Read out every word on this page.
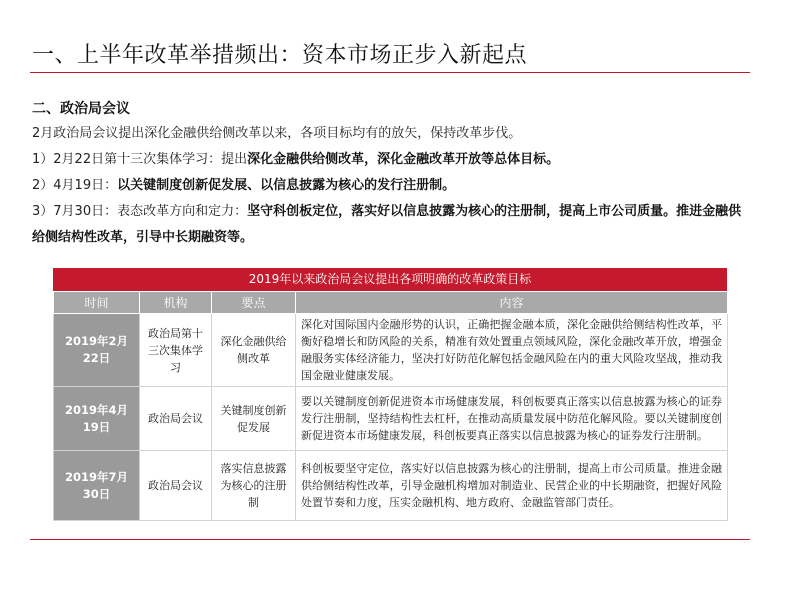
一、上半年改革举措频出：资本市场正步入新起点
二、政治局会议
2月政治局会议提出深化金融供给侧改革以来，各项目标均有的放矢，保持改革步伐。
1）2月22日第十三次集体学习：提出深化金融供给侧改革，深化金融改革开放等总体目标。
2）4月19日：以关键制度创新促发展、以信息披露为核心的发行注册制。
3）7月30日：表态改革方向和定力：坚守科创板定位，落实好以信息披露为核心的注册制，提高上市公司质量。推进金融供给侧结构性改革，引导中长期融资等。
2019年以来政治局会议提出各项明确的改革政策目标
时间	机构	要点	内容
2019年2月22日	政治局第十三次集体学习	深化金融供给侧改革	深化对国际国内金融形势的认识，正确把握金融本质，深化金融供给侧结构性改革，平衡好稳增长和防风险的关系，精准有效处置重点领域风险，深化金融改革开放，增强金融服务实体经济能力，坚决打好防范化解包括金融风险在内的重大风险攻坚战，推动我国金融业健康发展。
2019年4月19日	政治局会议	关键制度创新促发展	要以关键制度创新促进资本市场健康发展，科创板要真正落实以信息披露为核心的证券发行注册制，坚持结构性去杠杆，在推动高质量发展中防范化解风险。要以关键制度创新促进资本市场健康发展，科创板要真正落实以信息披露为核心的证券发行注册制。
2019年7月30日	政治局会议	落实信息披露为核心的注册制	科创板要坚守定位，落实好以信息披露为核心的注册制，提高上市公司质量。推进金融供给侧结构性改革，引导金融机构增加对制造业、民营企业的中长期融资，把握好风险处置节奏和力度，压实金融机构、地方政府、金融监管部门责任。
